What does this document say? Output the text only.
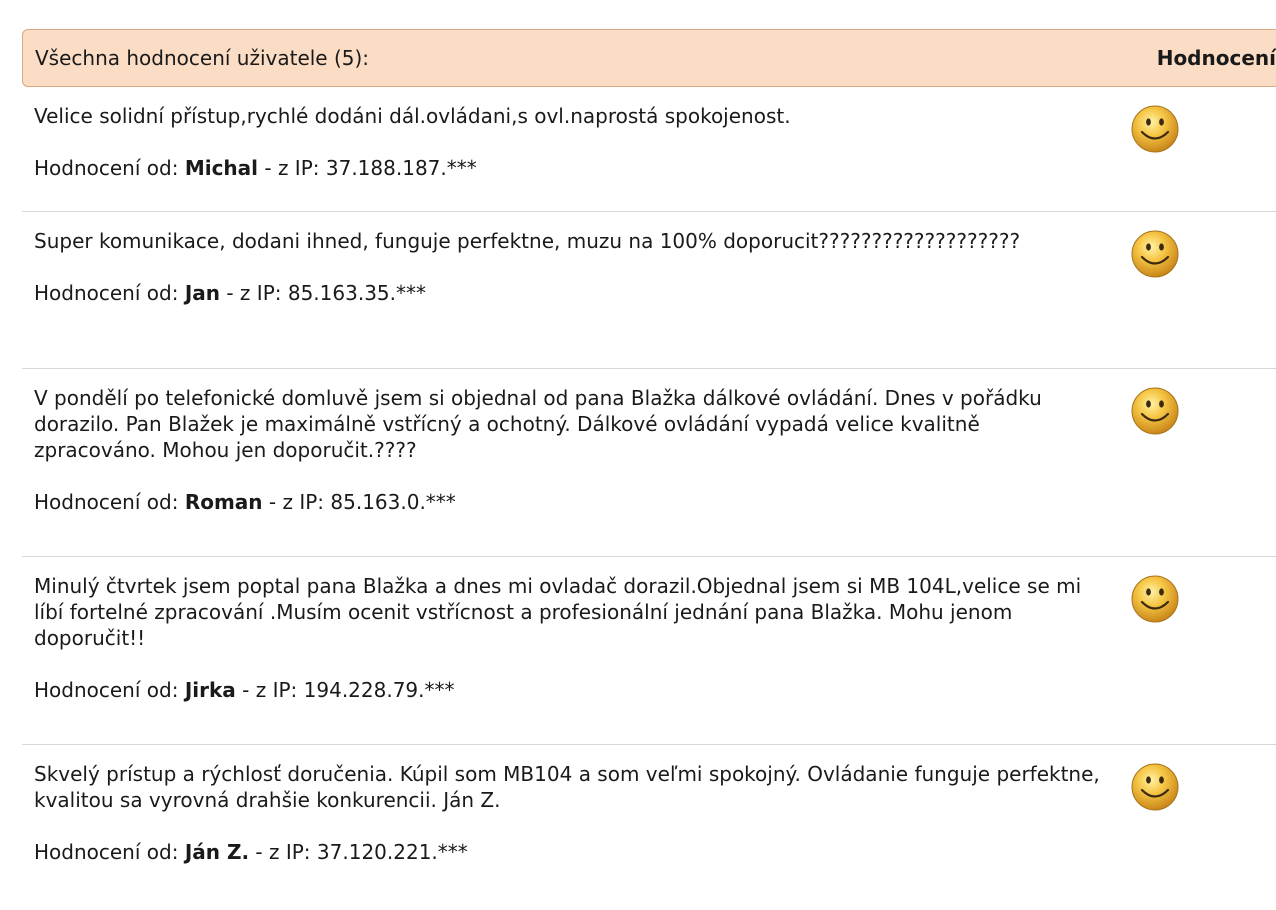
Všechna hodnocení uživatele (5):	Hodnocení
Velice solidní přístup,rychlé dodáni dál.ovládani,s ovl.naprostá spokojenost.
Hodnocení od: Michal - z IP: 37.188.187.***
Super komunikace, dodani ihned, funguje perfektne, muzu na 100% doporucit???????????????????
Hodnocení od: Jan - z IP: 85.163.35.***
V pondělí po telefonické domluvě jsem si objednal od pana Blažka dálkové ovládání. Dnes v pořádku dorazilo. Pan Blažek je maximálně vstřícný a ochotný. Dálkové ovládání vypadá velice kvalitně zpracováno. Mohou jen doporučit.????
Hodnocení od: Roman - z IP: 85.163.0.***
Minulý čtvrtek jsem poptal pana Blažka a dnes mi ovladač dorazil.Objednal jsem si MB 104L,velice se mi líbí fortelné zpracování .Musím ocenit vstřícnost a profesionální jednání pana Blažka. Mohu jenom doporučit!!
Hodnocení od: Jirka - z IP: 194.228.79.***
Skvelý prístup a rýchlosť doručenia. Kúpil som MB104 a som veľmi spokojný. Ovládanie funguje perfektne, kvalitou sa vyrovná drahšie konkurencii. Ján Z.
Hodnocení od: Ján Z. - z IP: 37.120.221.***
